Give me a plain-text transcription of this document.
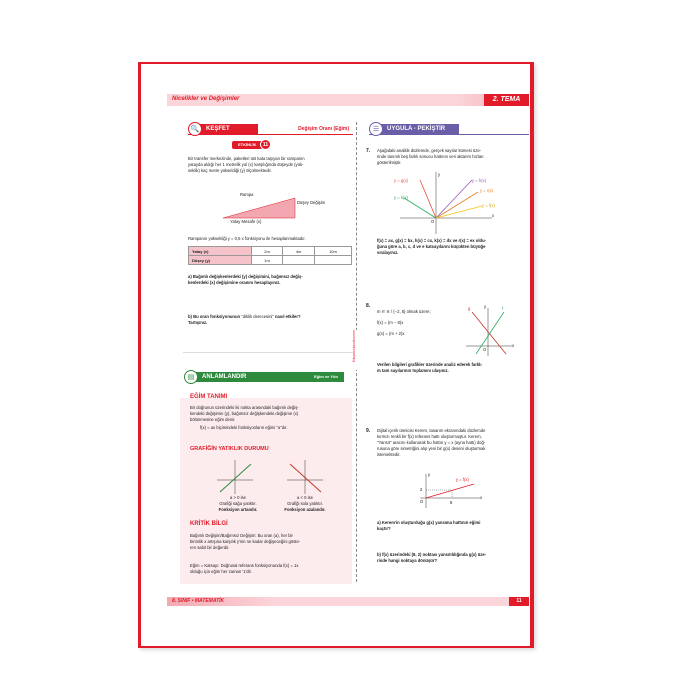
Nicelikler ve Değişimler	2. TEMA
Kitapsorularıdeneme
🔍	KEŞFET	Değişim Oranı (Eğim)
ETKİNLİK	11
Bir transfer merkezinde, paketleri üst kata taşıyan bir rampanın
yatayda aldığı her 1 metrelik yol (x) karşılığında düşeyde (yük-
seklik) kaç metre yükseldiği (y) ölçülmektedir.
Rampa
Düşey Değişim
Yatay Mesafe (x)
Rampanın yüksekliği y = 0,5 x fonksiyonu ile hesaplanmaktadır.
Yatay (x)	2m	4m	10m
Düşey (y)	1m		
a) Bağımlı değişkenlerdeki (y) değişimini, bağımsız değiş-
kenlerdeki (x) değişimine oranını hesaplayınız.
b) Bu oran fonksiyonunun "diklik derecesini" nasıl etkiler?
Tartışınız.
▤	ANLAMLANDIR	Eğim ve Yön
EĞİM TANIMI
Bir doğrunun üzerindeki iki nokta arasındaki bağımlı değiş-
kendeki değişimin (y), bağımsız değişkendeki değişime (x)
bölünmesine eğim denir.
f(x) = ax biçimindeki fonksiyonların eğimi "a"dır.
GRAFİĞİN YATIKLIK DURUMU
a > 0 ise
Grafiği sağa yatıktır.
Fonksiyon artandır.
a < 0 ise
Grafiği sola yatıktır.
Fonksiyon azalandır.
KRİTİK BİLGİ
Bağımlı Değişim/Bağımsız Değişim: Bu oran (a), her bir
birimlik x artışına karşılık y'nin ne kadar değişeceğini göste-
ren sabit bir değerdir.
Eğim = Katsayı: Doğrusal referans fonksiyonunda f(x) = 1x
olduğu için eğim her zaman '1'dir.
☰	UYGULA - PEKİŞTİR
7. Aşağıdaki analitik düzlemde, gerçek sayılar kümesi üze-
rinde tanımlı beş farklı sonucu hattının veri aktarım hızları
gösterilmiştir.
y = g(x)	y = h(x)
y = k(x)
y = r(x)
y = f(x)
y
x
O
f(x) = ax, g(x) = bx, h(x) = cx, k(x) = dx ve r(x) = ex oldu-
ğuna göre a, b, c, d ve e katsayılarını küçükten büyüğe
sıralayınız.
8.
m ∈ ℝ \ {−2, 8} olmak üzere;
f(x) = (m − 8)x
g(x) = (m + 2)x
g	f
y
x
O
Verilen bilgileri grafikler üzerinde analiz ederek farklı
m tam sayılarının toplamını ulaşınız.
9. Dijital içerik üreticisi Kerem, tasarım ekranındaki düzlemde
kırmızı renkli bir f(x) referans hattı oluşturmuştur. Kerem,
"Yansıt" aracını kullanarak bu hattın y = x (ayna hattı) doğ-
rusuna göre simetriğini alıp yeni bir g(x) deseni oluşturmak
istemektedir.
y = f(x)
2
8
O
y
x
a) Kerem'in oluşturduğu g(x) yansıma hattının eğimi
kaçtır?
b) f(x) üzerindeki (8, 2) noktası yansıtıldığında g(x) üze-
rinde hangi noktaya dönüşür?
8. SINIF • MATEMATİK	11
